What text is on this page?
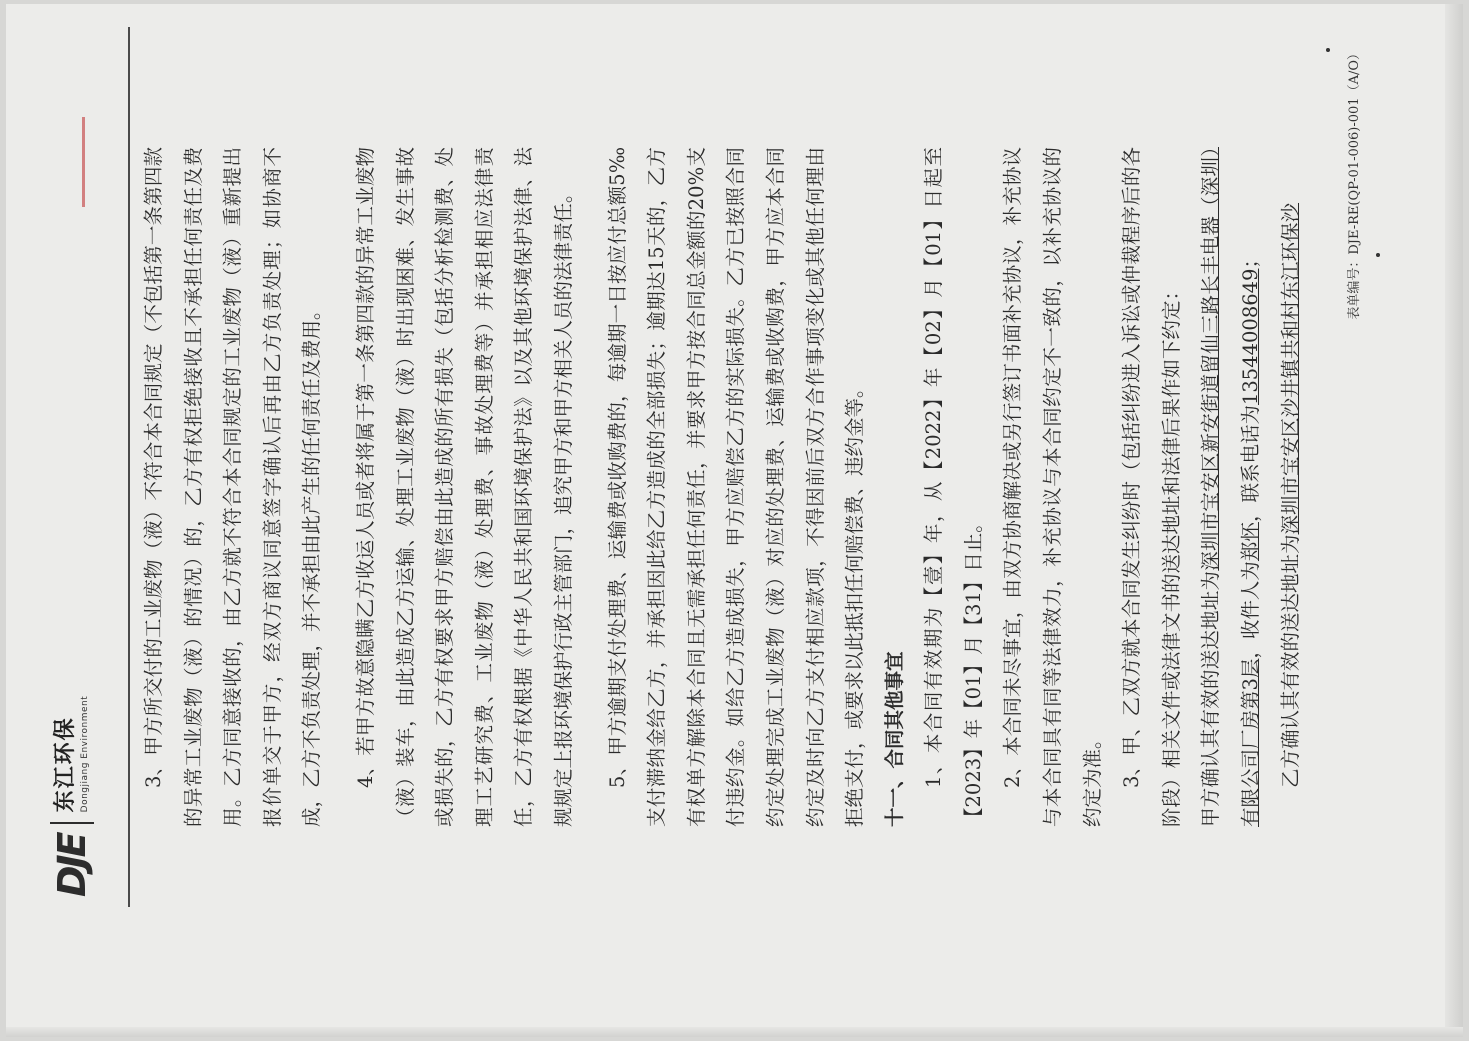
DJE
东江环保 Dongjiang Environment	3、甲方所交付的工业废物（液）不符合本合同规定（不包括第一条第四款的异常工业废物（液）的情况）的，乙方有权拒绝接收且不承担任何责任及费用。乙方同意接收的，由乙方就不符合本合同规定的工业废物（液）重新提出报价单交于甲方，经双方商议同意签字确认后再由乙方负责处理；如协商不成，乙方不负责处理，并不承担由此产生的任何责任及费用。	4、若甲方故意隐瞒乙方收运人员或者将属于第一条第四款的异常工业废物（液）装车，由此造成乙方运输、处理工业废物（液）时出现困难、发生事故或损失的，乙方有权要求甲方赔偿由此造成的所有损失（包括分析检测费、处理工艺研究费、工业废物（液）处理费、事故处理费等）并承担相应法律责任，乙方有权根据《中华人民共和国环境保护法》以及其他环境保护法律、法规规定上报环境保护行政主管部门，追究甲方和甲方相关人员的法律责任。	5、甲方逾期支付处理费、运输费或收购费的，每逾期一日按应付总额5‰支付滞纳金给乙方，并承担因此给乙方造成的全部损失；逾期达15天的，乙方有权单方解除本合同且无需承担任何责任，并要求甲方按合同总金额的20%支付违约金。如给乙方造成损失，甲方应赔偿乙方的实际损失。乙方已按照合同约定处理完成工业废物（液）对应的处理费、运输费或收购费，甲方应本合同约定及时向乙方支付相应款项，不得因前后双方合作事项变化或其他任何理由拒绝支付，或要求以此抵扣任何赔偿费、违约金等。 十一、合同其他事宜 1、本合同有效期为【壹】年，从【2022】年【02】月【01】日起至【2023】年【01】月【31】日止。 2、本合同未尽事宜，由双方协商解决或另行签订书面补充协议，补充协议与本合同具有同等法律效力，补充协议与本合同约定不一致的，以补充协议的约定为准。 3、甲、乙双方就本合同发生纠纷时（包括纠纷进入诉讼或仲裁程序后的各阶段）相关文件或法律文书的送达地址和法律后果作如下约定： 甲方确认其有效的送达地址为深圳市宝安区新安街道留仙三路长丰电器（深圳）有限公司厂房第3层，收件人为郑怀，联系电话为13544008649；

乙方确认其有效的送达地址为深圳市宝安区沙井镇共和村东江环保沙

表单编号：DJE-RE(QP-01-006)-001（A/O）
